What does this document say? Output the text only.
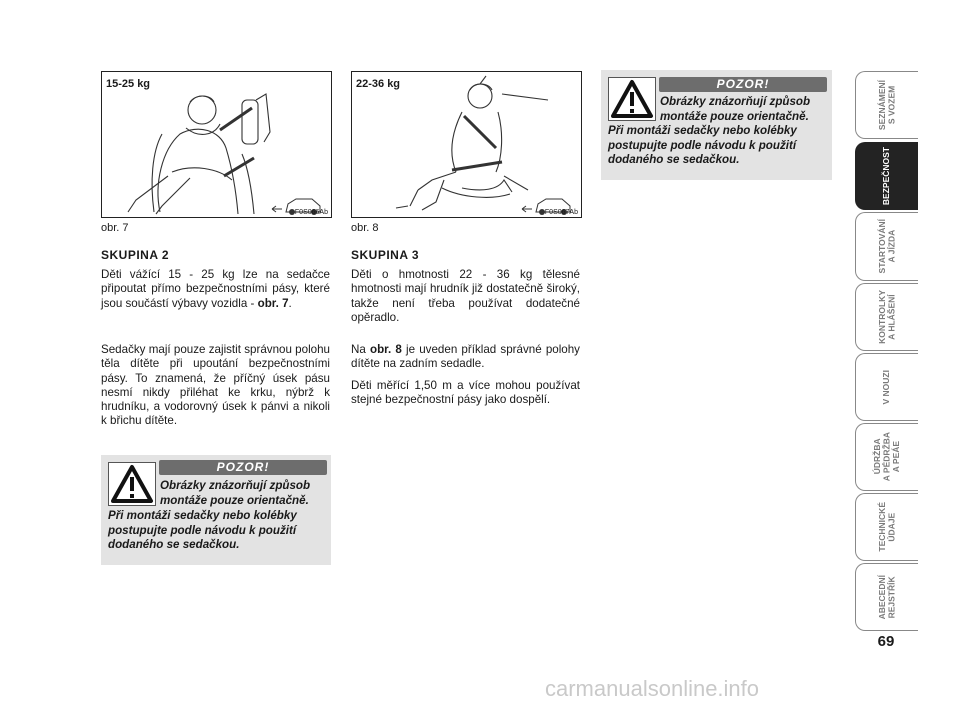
15-25 kg
F0S066Ab
obr. 7
22-36 kg
F0S067Ab
obr. 8
SKUPINA 2

Děti vážící 15 - 25 kg lze na sedačce připoutat přímo bezpečnostními pásy, které jsou součástí výbavy vozidla - obr. 7.

Sedačky mají pouze zajistit správnou polohu těla dítěte při upoutání bezpečnostními pásy. To znamená, že příčný úsek pásu nesmí nikdy přiléhat ke krku, nýbrž k hrudníku, a vodorovný úsek k pánvi a nikoli k břichu dítěte.

SKUPINA 3

Děti o hmotnosti 22 - 36 kg tělesné hmotnosti mají hrudník již dostatečně široký, takže není třeba používat dodatečné opěradlo.

Na obr. 8 je uveden příklad správné polohy dítěte na zadním sedadle.

Děti měřící 1,50 m a více mohou používat stejné bezpečnostní pásy jako dospělí.

POZOR!

Obrázky znázorňují způsob

montáže pouze orientačně.

Při montáži sedačky nebo kolébky postupujte podle návodu k použití dodaného se sedačkou.

POZOR!

Obrázky znázorňují způsob

montáže pouze orientačně.

Při montáži sedačky nebo kolébky postupujte podle návodu k použití dodaného se sedačkou.

SEZNÁMENÍ
S VOZEM
BEZPEČNOST
STARTOVÁNÍ
A JÍZDA
KONTROLKY
A HLÁŠENÍ
V NOUZI
ÚDRŽBA
A PÉDRŽBA
A PEÁE
TECHNICKÉ
ÚDAJE
ABECEDNÍ
REJSTŘÍK
69
carmanualsonline.info
